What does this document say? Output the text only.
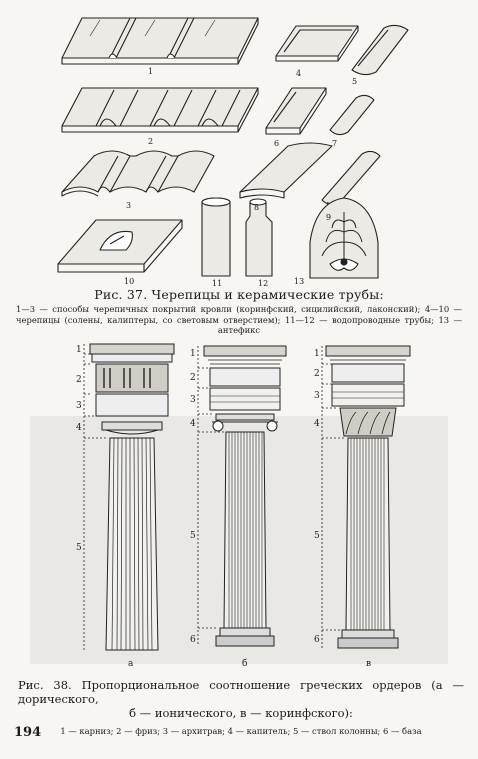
1
2
3
4
5
6	7
8
9
10	11	12	13
Рис. 37. Черепицы и керамические трубы:
1—3 — способы черепичных покрытий кровли (коринфский, сицилийский, лаконский); 4—10 — черепицы (солены, калиптеры, со световым отверстием); 11—12 — водопроводные трубы; 13 — антефикс
1
2
3
4
5
1
2
3
4
5
6
1
2
3
4
5
6
а	б	в
Рис. 38. Пропорциональное соотношение греческих ордеров (а — дорического,
б — ионического, в — коринфского):
1 — карниз; 2 — фриз; 3 — архитрав; 4 — капитель; 5 — ствол колонны; 6 — база
194
